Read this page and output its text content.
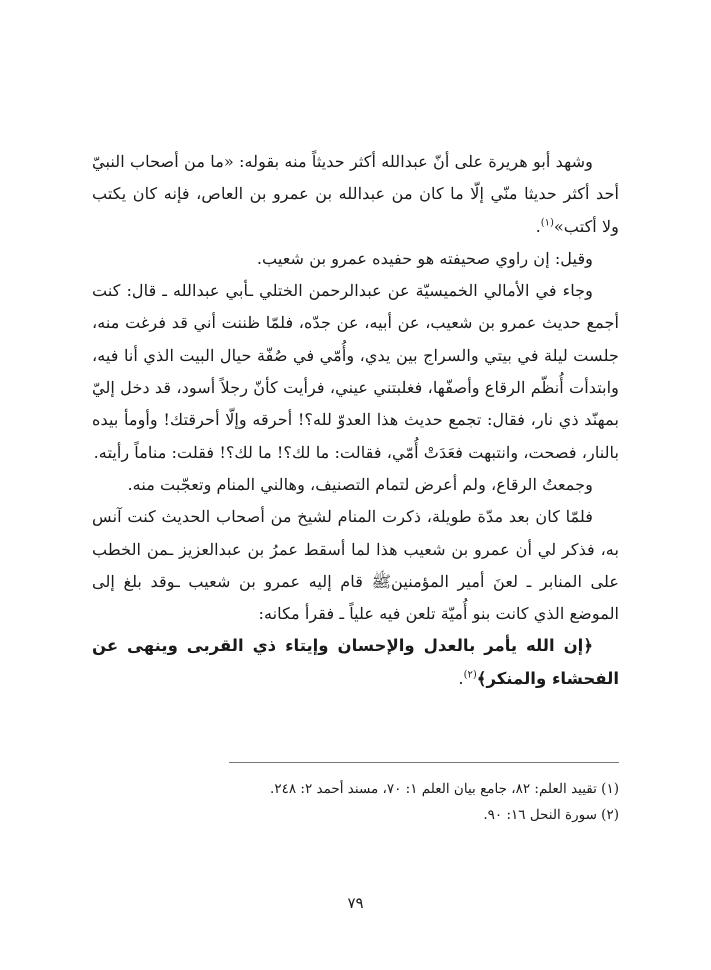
وشهد أبو هريرة على أنّ عبدالله أكثر حديثاً منه بقوله: «ما من أصحاب النبيّ أحد أكثر حديثا منّي إلّا ما كان من عبدالله بن عمرو بن العاص، فإنه كان يكتب ولا أكتب»$^{(١)}$.

وقيل: إن راوي صحيفته هو حفيده عمرو بن شعيب.

وجاء في الأمالي الخميسيّة عن عبدالرحمن الختلي ـأبي عبدالله ـ قال: كنت أجمع حديث عمرو بن شعيب، عن أبيه، عن جدّه، فلمّا ظننت أني قد فرغت منه، جلست ليلة في بيتي والسراج بين يدي، وأُمّي في صُفّة حيال البيت الذي أنا فيه، وابتدأت أُنظّم الرقاع وأصفّها، فغلبتني عيني، فرأيت كأنّ رجلاً أسود، قد دخل إليّ بمهنّد ذي نار، فقال: تجمع حديث هذا العدوّ لله؟! أحرقه وإلّا أحرقتك! وأومأ بيده بالنار، فصحت، وانتبهت فعَدَتْ أُمّي، فقالت: ما لك؟! ما لك؟! فقلت: مناماً رأيته.

وجمعتُ الرقاع، ولم أعرض لتمام التصنيف، وهالني المنام وتعجّبت منه.

فلمّا كان بعد مدّة طويلة، ذكرت المنام لشيخ من أصحاب الحديث كنت آنس به، فذكر لي أن عمرو بن شعيب هذا لما أسقط عمرُ بن عبدالعزيز ـمن الخطب على المنابر ـ لعنَ أمير المؤمنينﷺ قام إليه عمرو بن شعيب ـوقد بلغ إلى الموضع الذي كانت بنو أُميّة تلعن فيه علياً ـ فقرأ مكانه:

﴿إن الله يأمر بالعدل والإحسان وإيتاء ذي القربى وينهى عن الفحشاء والمنكر﴾$^{(٢)}$.

(١) تقييد العلم: ٨٢، جامع بيان العلم ١: ٧٠، مسند أحمد ٢: ٢٤٨.

(٢) سورة النحل ١٦: ٩٠.

٧٩
